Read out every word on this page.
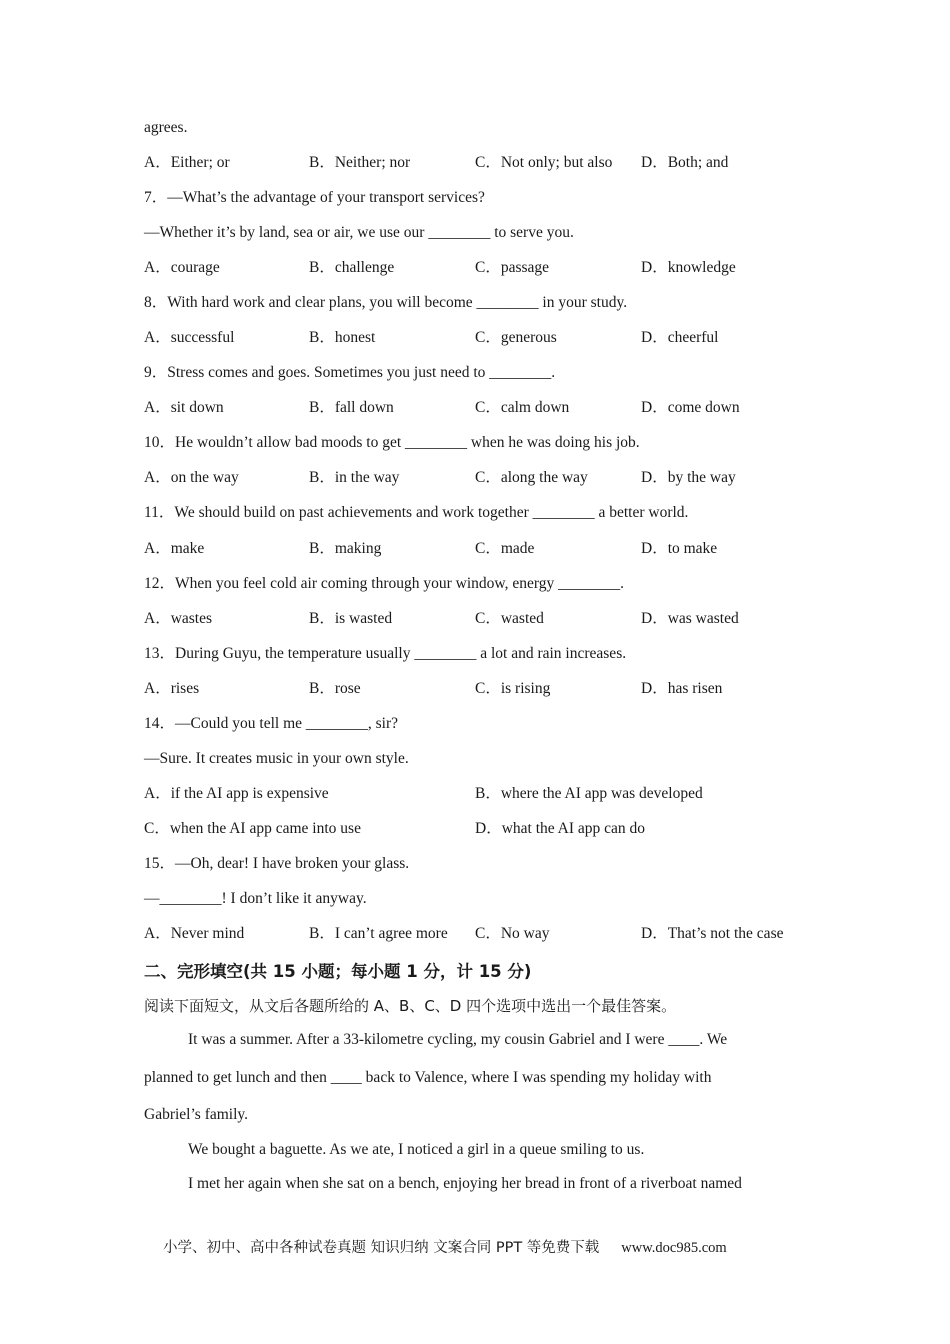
agrees.
A．Either; or	B．Neither; nor	C．Not only; but also D．Both; and
7．—What’s the advantage of your transport services?
—Whether it’s by land, sea or air, we use our ________ to serve you.
A．courage	B．challenge	C．passage	D．knowledge
8．With hard work and clear plans, you will become ________ in your study.
A．successful	B．honest	C．generous	D．cheerful
9．Stress comes and goes. Sometimes you just need to ________.
A．sit down	B．fall down	C．calm down	D．come down
10．He wouldn’t allow bad moods to get ________ when he was doing his job.
A．on the way	B．in the way	C．along the way	D．by the way
11．We should build on past achievements and work together ________ a better world.
A．make	B．making	C．made	D．to make
12．When you feel cold air coming through your window, energy ________.
A．wastes	B．is wasted	C．wasted	D．was wasted
13．During Guyu, the temperature usually ________ a lot and rain increases.
A．rises	B．rose	C．is rising	D．has risen
14．—Could you tell me ________, sir?
—Sure. It creates music in your own style.
A．if the AI app is expensive	B．where the AI app was developed
C．when the AI app came into use	D．what the AI app can do
15．—Oh, dear! I have broken your glass.
—________! I don’t like it anyway.
A．Never mind	B．I can’t agree more C．No way	D．That’s not the case
二、完形填空(共 15 小题；每小题 1 分，计 15 分)
阅读下面短文，从文后各题所给的 A、B、C、D 四个选项中选出一个最佳答案。
It was a summer. After a 33-kilometre cycling, my cousin Gabriel and I were ____. We
planned to get lunch and then ____ back to Valence, where I was spending my holiday with
Gabriel’s family.
We bought a baguette. As we ate, I noticed a girl in a queue smiling to us.
I met her again when she sat on a bench, enjoying her bread in front of a riverboat named
小学、初中、高中各种试卷真题 知识归纳 文案合同 PPT 等免费下载 www.doc985.com
